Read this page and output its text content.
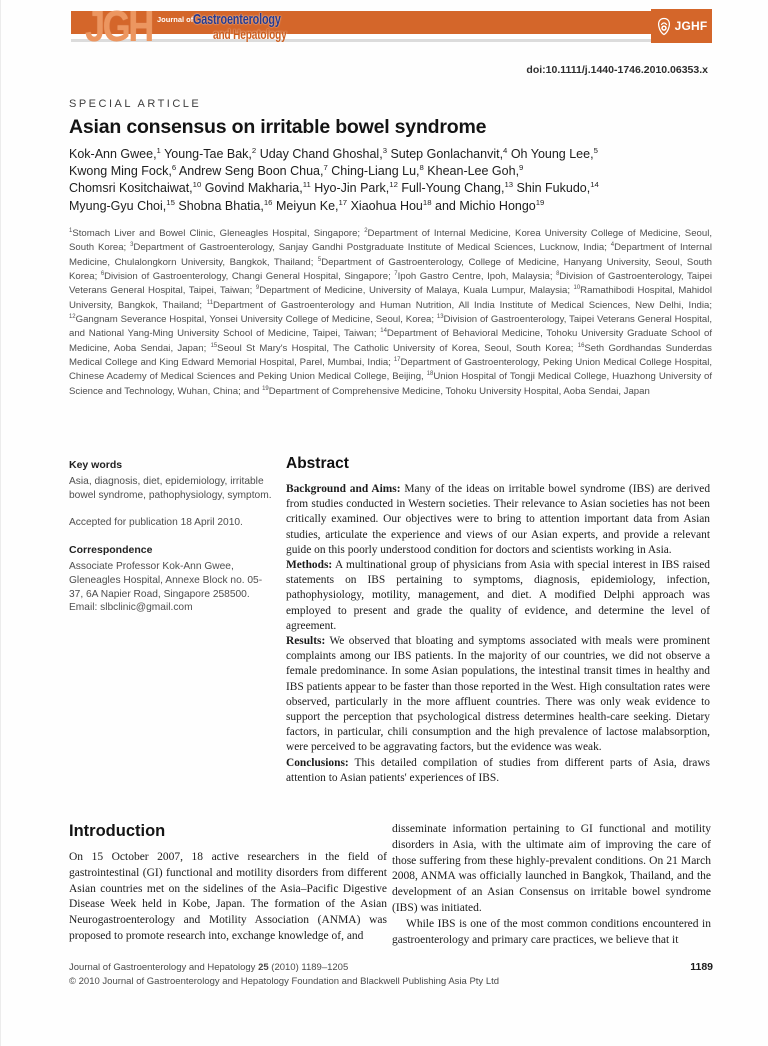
JGH Journal of Gastroenterology
and Hepatology	JGHF
doi:10.1111/j.1440-1746.2010.06353.x
SPECIAL ARTICLE
Asian consensus on irritable bowel syndrome
Kok-Ann Gwee,$^1$ Young-Tae Bak,$^2$ Uday Chand Ghoshal,$^3$ Sutep Gonlachanvit,$^4$ Oh Young Lee,$^5$
Kwong Ming Fock,$^6$ Andrew Seng Boon Chua,$^7$ Ching-Liang Lu,$^8$ Khean-Lee Goh,$^9$
Chomsri Kositchaiwat,$^{10}$ Govind Makharia,$^{11}$ Hyo-Jin Park,$^{12}$ Full-Young Chang,$^{13}$ Shin Fukudo,$^{14}$
Myung-Gyu Choi,$^{15}$ Shobna Bhatia,$^{16}$ Meiyun Ke,$^{17}$ Xiaohua Hou$^{18}$ and Michio Hongo$^{19}$
$^1$Stomach Liver and Bowel Clinic, Gleneagles Hospital, Singapore; $^2$Department of Internal Medicine, Korea University College of Medicine, Seoul, South Korea; $^3$Department of Gastroenterology, Sanjay Gandhi Postgraduate Institute of Medical Sciences, Lucknow, India; $^4$Department of Internal Medicine, Chulalongkorn University, Bangkok, Thailand; $^5$Department of Gastroenterology, College of Medicine, Hanyang University, Seoul, South Korea; $^6$Division of Gastroenterology, Changi General Hospital, Singapore; $^7$Ipoh Gastro Centre, Ipoh, Malaysia; $^8$Division of Gastroenterology, Taipei Veterans General Hospital, Taipei, Taiwan; $^9$Department of Medicine, University of Malaya, Kuala Lumpur, Malaysia; $^{10}$Ramathibodi Hospital, Mahidol University, Bangkok, Thailand; $^{11}$Department of Gastroenterology and Human Nutrition, All India Institute of Medical Sciences, New Delhi, India; $^{12}$Gangnam Severance Hospital, Yonsei University College of Medicine, Seoul, Korea; $^{13}$Division of Gastroenterology, Taipei Veterans General Hospital, and National Yang-Ming University School of Medicine, Taipei, Taiwan; $^{14}$Department of Behavioral Medicine, Tohoku University Graduate School of Medicine, Aoba Sendai, Japan; $^{15}$Seoul St Mary's Hospital, The Catholic University of Korea, Seoul, South Korea; $^{16}$Seth Gordhandas Sunderdas Medical College and King Edward Memorial Hospital, Parel, Mumbai, India; $^{17}$Department of Gastroenterology, Peking Union Medical College Hospital, Chinese Academy of Medical Sciences and Peking Union Medical College, Beijing, $^{18}$Union Hospital of Tongji Medical College, Huazhong University of Science and Technology, Wuhan, China; and $^{19}$Department of Comprehensive Medicine, Tohoku University Hospital, Aoba Sendai, Japan

Key words

Asia, diagnosis, diet, epidemiology, irritable bowel syndrome, pathophysiology, symptom.
Accepted for publication 18 April 2010.

Correspondence

Associate Professor Kok-Ann Gwee, Gleneagles Hospital, Annexe Block no. 05-37, 6A Napier Road, Singapore 258500. Email: slbclinic@gmail.com
Abstract

Background and Aims: Many of the ideas on irritable bowel syndrome (IBS) are derived from studies conducted in Western societies. Their relevance to Asian societies has not been critically examined. Our objectives were to bring to attention important data from Asian studies, articulate the experience and views of our Asian experts, and provide a relevant guide on this poorly understood condition for doctors and scientists working in Asia.

Methods: A multinational group of physicians from Asia with special interest in IBS raised statements on IBS pertaining to symptoms, diagnosis, epidemiology, infection, pathophysiology, motility, management, and diet. A modified Delphi approach was employed to present and grade the quality of evidence, and determine the level of agreement.

Results: We observed that bloating and symptoms associated with meals were prominent complaints among our IBS patients. In the majority of our countries, we did not observe a female predominance. In some Asian populations, the intestinal transit times in healthy and IBS patients appear to be faster than those reported in the West. High consultation rates were observed, particularly in the more affluent countries. There was only weak evidence to support the perception that psychological distress determines health-care seeking. Dietary factors, in particular, chili consumption and the high prevalence of lactose malabsorption, were perceived to be aggravating factors, but the evidence was weak.

Conclusions: This detailed compilation of studies from different parts of Asia, draws attention to Asian patients' experiences of IBS.

Introduction

On 15 October 2007, 18 active researchers in the field of gastrointestinal (GI) functional and motility disorders from different Asian countries met on the sidelines of the Asia–Pacific Digestive Disease Week held in Kobe, Japan. The formation of the Asian Neurogastroenterology and Motility Association (ANMA) was proposed to promote research into, exchange knowledge of, and

disseminate information pertaining to GI functional and motility disorders in Asia, with the ultimate aim of improving the care of those suffering from these highly-prevalent conditions. On 21 March 2008, ANMA was officially launched in Bangkok, Thailand, and the development of an Asian Consensus on irritable bowel syndrome (IBS) was initiated.

While IBS is one of the most common conditions encountered in gastroenterology and primary care practices, we believe that it

Journal of Gastroenterology and Hepatology 25 (2010) 1189–1205	1189
© 2010 Journal of Gastroenterology and Hepatology Foundation and Blackwell Publishing Asia Pty Ltd
